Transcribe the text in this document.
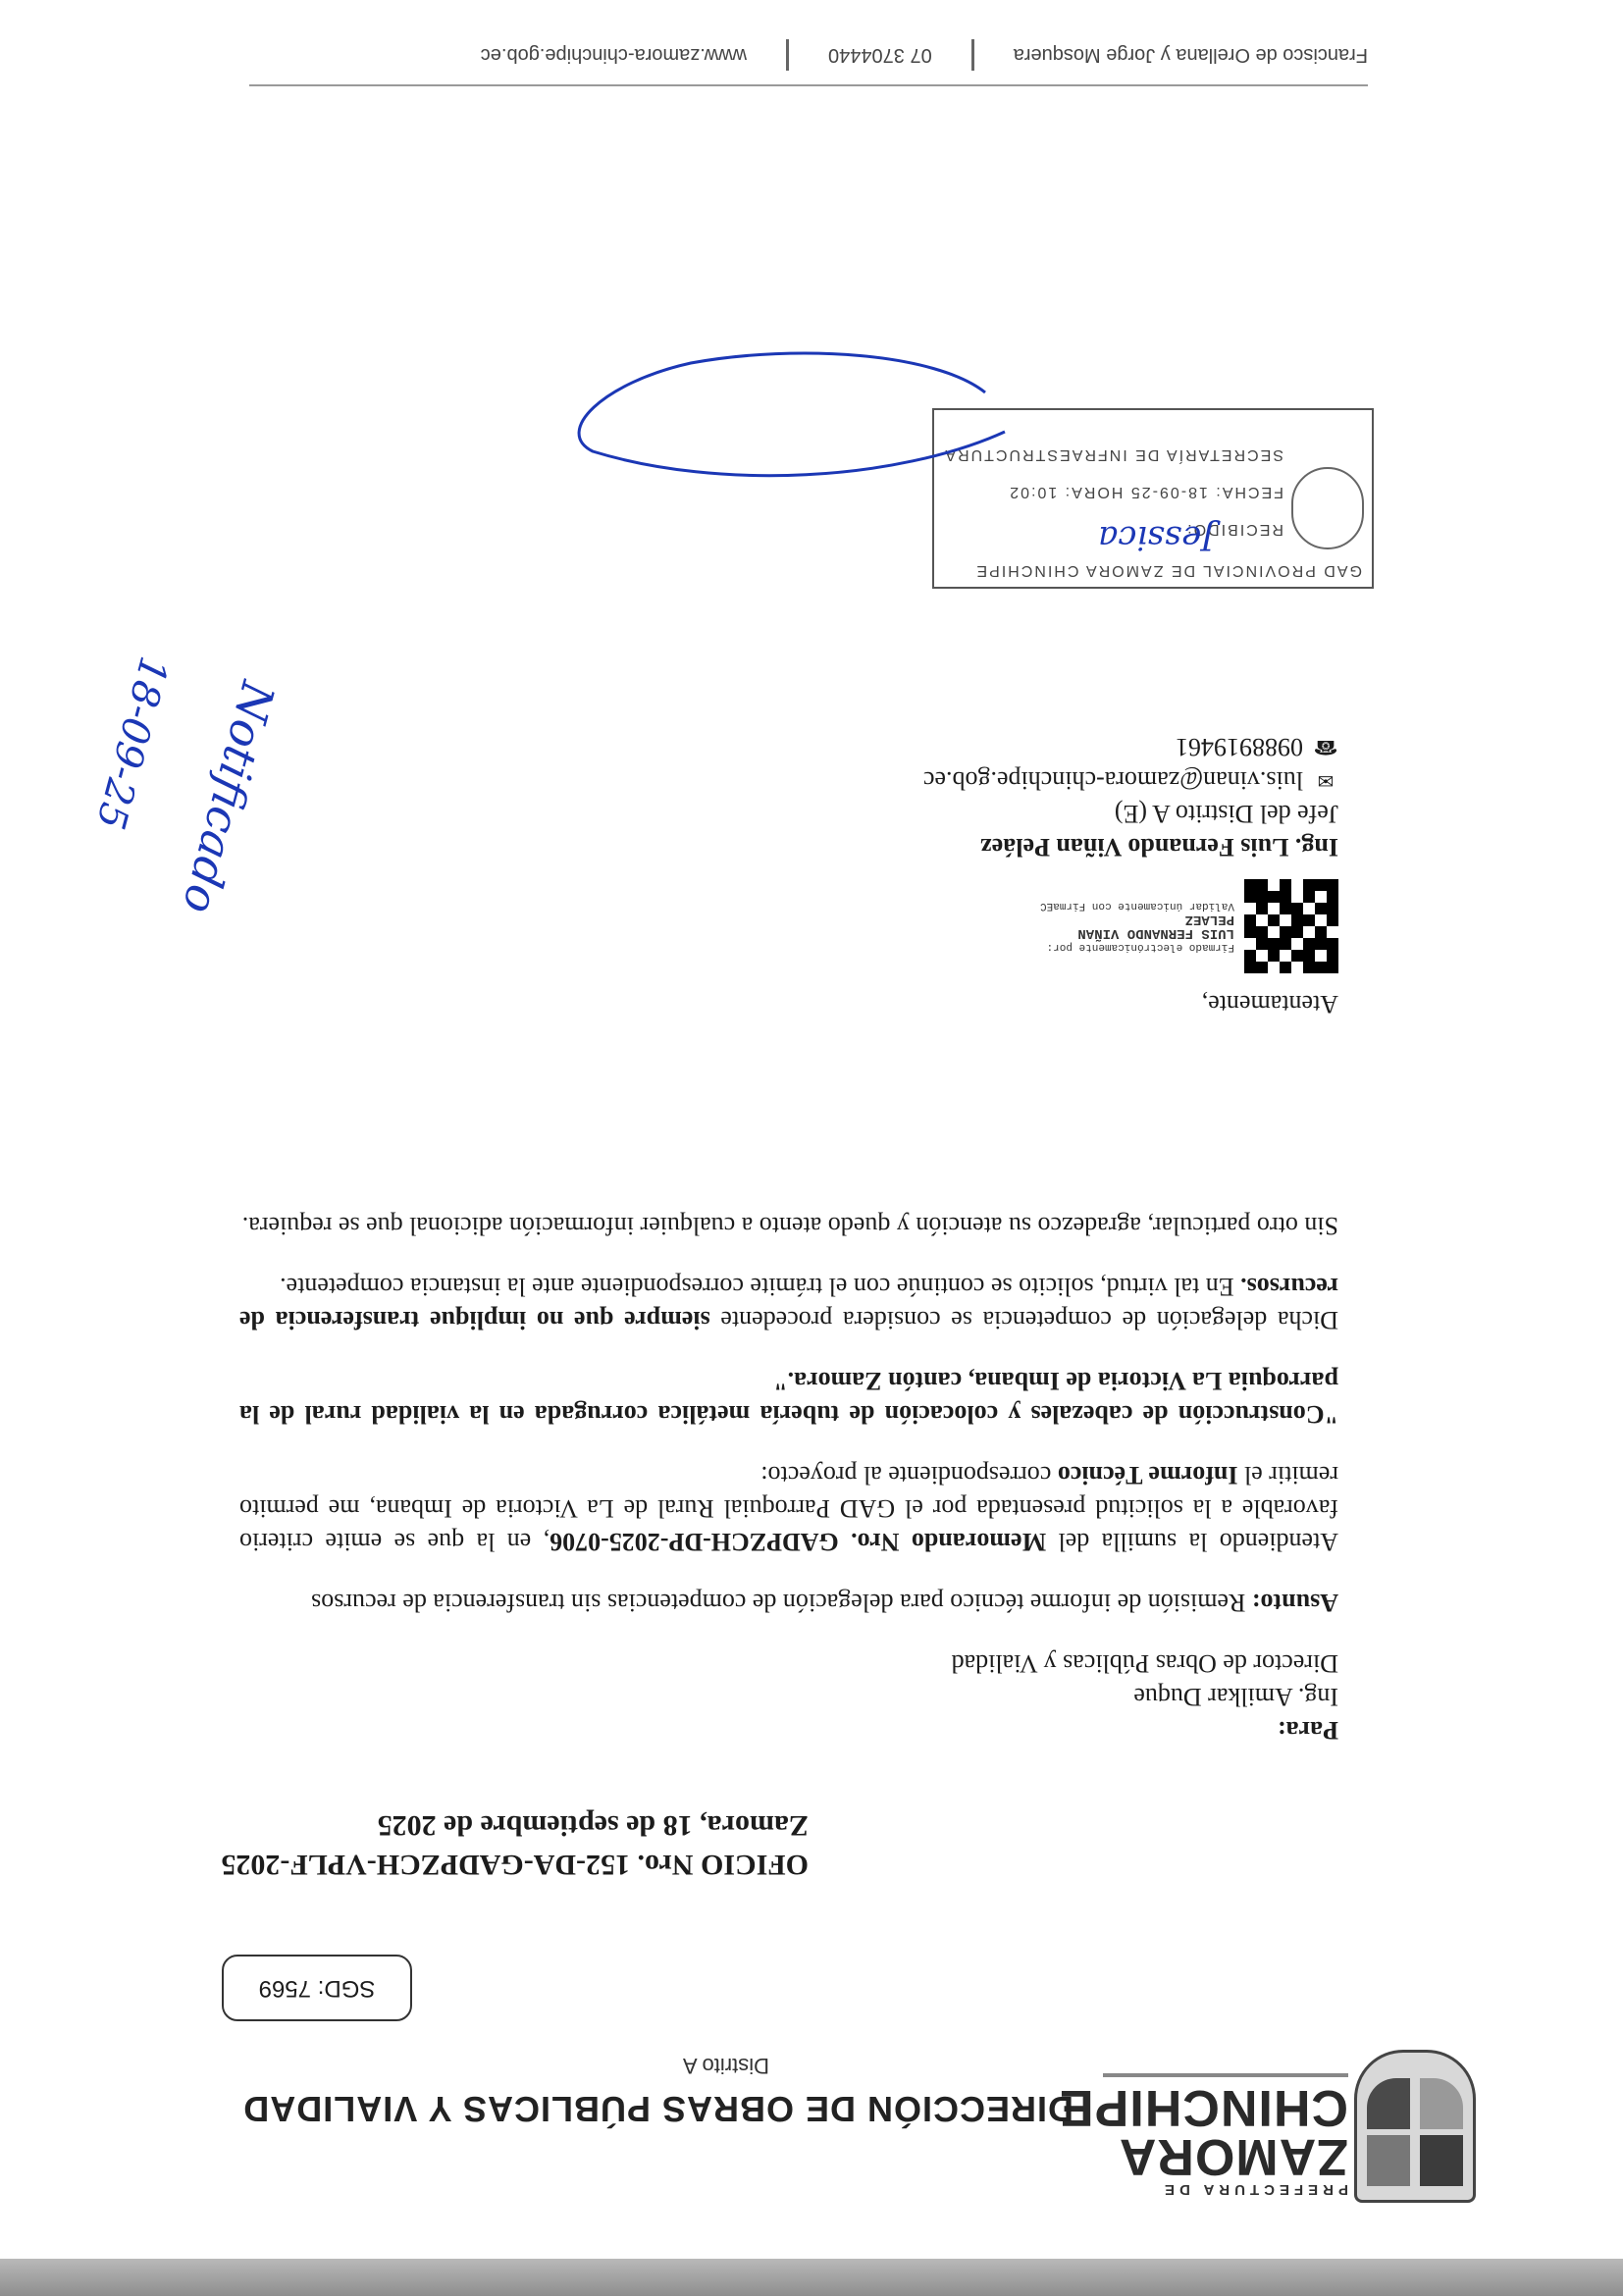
PREFECTURA DE
ZAMORA
CHINCHIPE
DIRECCIÓN DE OBRAS PÚBLICAS Y VIALIDAD
Distrito A
SGD: 7569
OFICIO Nro. 152-DA-GADPZCH-VPLF-2025
Zamora, 18 de septiembre de 2025

Para:

Ing. Amilkar Duque

Director de Obras Públicas y Vialidad

Asunto: Remisión de informe técnico para delegación de competencias sin transferencia de recursos

Atendiendo la sumilla del Memorando Nro. GADPZCH-DP-2025-0706, en la que se emite criterio favorable a la solicitud presentada por el GAD Parroquial Rural de La Victoria de Imbana, me permito remitir el Informe Técnico correspondiente al proyecto:

"Construcción de cabezales y colocación de tubería metálica corrugada en la vialidad rural de la parroquia La Victoria de Imbana, cantón Zamora."

Dicha delegación de competencia se considera procedente siempre que no implique transferencia de recursos. En tal virtud, solicito se continúe con el trámite correspondiente ante la instancia competente.

Sin otro particular, agradezco su atención y quedo atento a cualquier información adicional que se requiera.

Atentamente,
Firmado electrónicamente por:
LUIS FERNANDO VIÑAN
PELAEZ
Validar únicamente con FirmaEC
Ing. Luis Fernando Viñan Peláez
Jefe del Distrito A (E)
✉
luis.vinan@zamora-chinchipe.gob.ec
☎
0988919461
GAD PROVINCIAL DE ZAMORA CHINCHIPE
RECIBIDO:
FECHA: 18-09-25 HORA: 10:02
SECRETARÍA DE INFRAESTRUCTURA
Jessica
Notificado
18-09-25
Francisco de Orellana y Jorge Mosquera
07 3704440
www.zamora-chinchipe.gob.ec
